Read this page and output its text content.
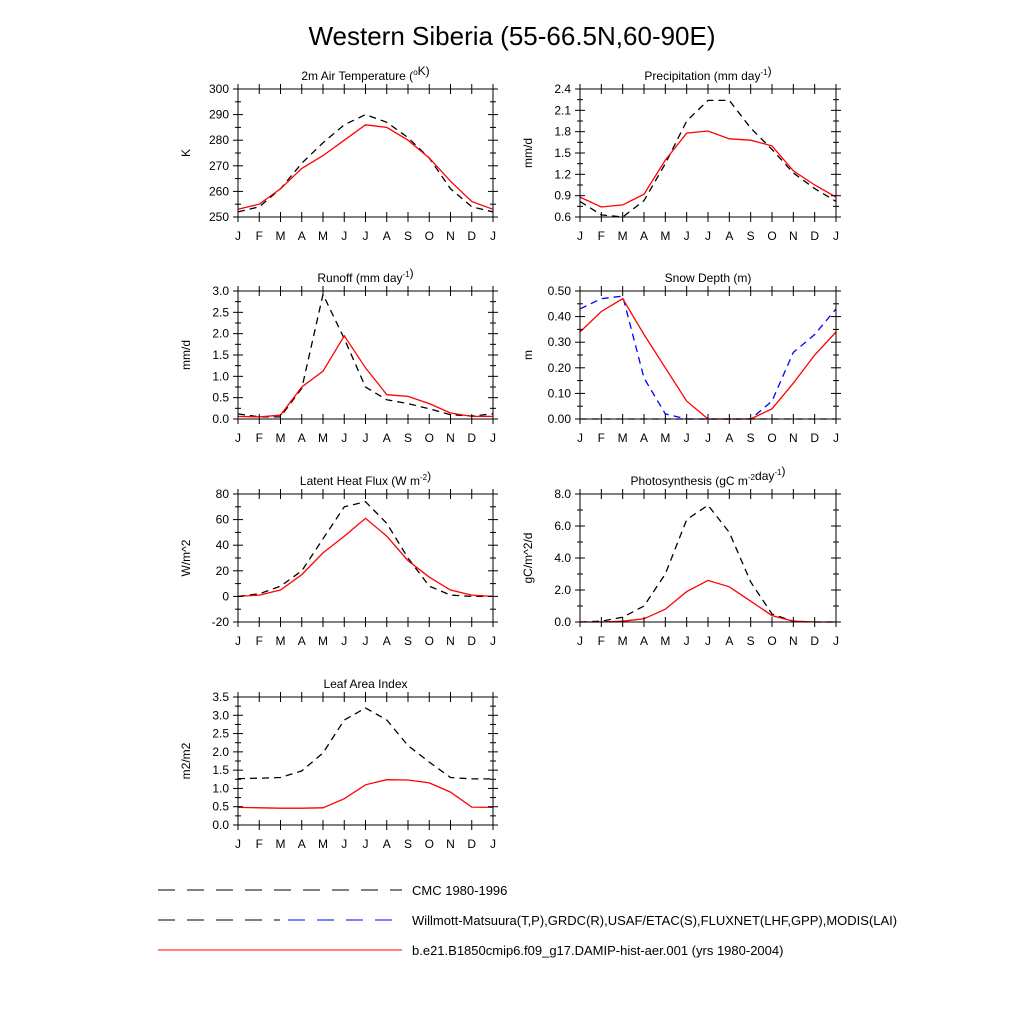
Western Siberia (55-66.5N,60-90E)
2m Air Temperature ($^o$K)
J F M A M J J A S O N D J
250
260
270
280
290
300
K
Precipitation (mm day$^{-1}$)
J F M A M J J A S O N D J
0.6
0.9
1.2
1.5
1.8
2.1
2.4
mm/d
Runoff (mm day$^{-1}$)
J F M A M J J A S O N D J
0.0
0.5
1.0
1.5
2.0
2.5
3.0
mm/d
Snow Depth (m)
J F M A M J J A S O N D J
0.00
0.10
0.20
0.30
0.40
0.50
m
Latent Heat Flux (W $m^{-2}$)
J F M A M J J A S O N D J
-20
0
20
40
60
80
W/m^2
Photosynthesis (gC $m^{-2}day^{-1}$)
J F M A M J J A S O N D J
0.0
2.0
4.0
6.0
8.0
gC/m^2/d
Leaf Area Index
J F M A M J J A S O N D J
0.0
0.5
1.0
1.5
2.0
2.5
3.0
3.5
m2/m2
CMC 1980-1996
Willmott-Matsuura(T,P),GRDC(R),USAF/ETAC(S),FLUXNET(LHF,GPP),MODIS(LAI)
b.e21.B1850cmip6.f09_g17.DAMIP-hist-aer.001 (yrs 1980-2004)
